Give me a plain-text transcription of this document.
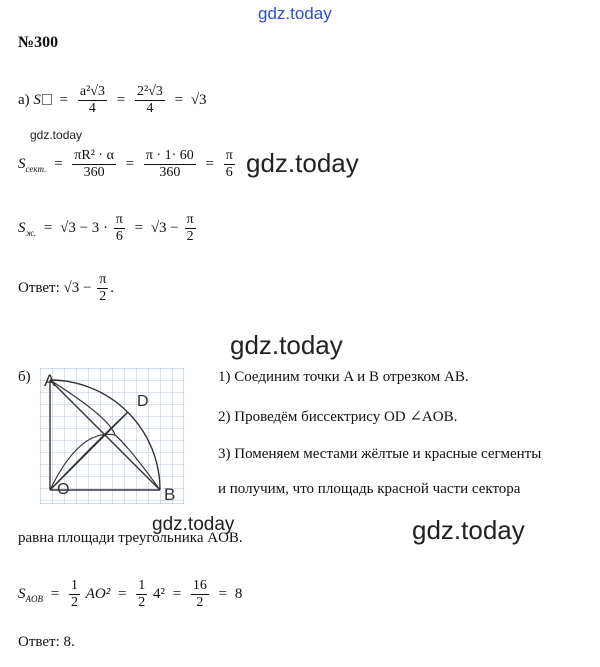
gdz.today
gdz.today
gdz.today
gdz.today
gdz.today	gdz.today
№300
а) $S = \frac{\text{a²√3}}{4} = \frac{\text{2²√3}}{4} = √3$
$S_{сект.} = \frac{\text{πR² · α}}{360} = \frac{\pi \cdot 1\cdot 60}{360} = \frac{\pi}{6}$
$S_{ж.} = √3 - 3 \cdot \frac{\pi}{6} = √3 - \frac{\pi}{2}$
Ответ: $√3 - \frac{\pi}{2}$ .
б) A
D
O	B
1) Соединим точки A и B отрезком AB.
2) Проведём биссектрису OD ∠AOB.
3) Поменяем местами жёлтые и красные сегменты
и получим, что площадь красной части сектора
равна площади треугольника AOB.
$S_{AOB} = \frac{1}{2} AO^2 = \frac{1}{2} 4^2 = \frac{16}{2} = 8$
Ответ: 8.
